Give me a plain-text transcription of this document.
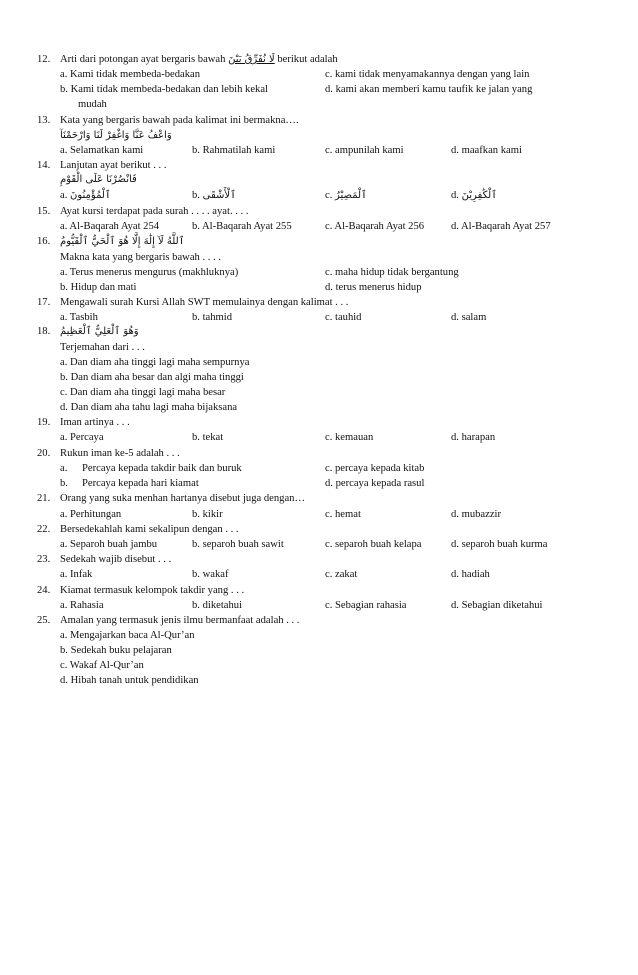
12. Arti dari potongan ayat bergaris bawah لَا نُفَرِّقُ بَيْنَ berikut adalah
a. Kami tidak membeda-bedakan	c. kami tidak menyamakannya dengan yang lain
b. Kami tidak membeda-bedakan dan lebih kekal	d. kami akan memberi kamu taufik ke jalan yang
mudah
13. Kata yang bergaris bawah pada kalimat ini bermakna….
وَاعْفُ عَنَّا وَاغْفِرْ لَنَا وَارْحَمْنَآ
a. Selamatkan kami	b. Rahmatilah kami	c. ampunilah kami	d. maafkan kami
14. Lanjutan ayat berikut . . .
فَانْصُرْنَا عَلَى الْقَوْمِ
a. ٱلْمُؤْمِنُونَ	b. ٱلْأَشْقَى	c. ٱلْمَصِيْرُ	d. ٱلْكَٰفِرِيْنَ
15. Ayat kursi terdapat pada surah . . . . ayat. . . .
a. Al-Baqarah Ayat 254	b. Al-Baqarah Ayat 255	c. Al-Baqarah Ayat 256	d. Al-Baqarah Ayat 257
16. ٱللَّهُ لَآ إِلَٰهَ إِلَّا هُوَ ٱلْحَيُّ ٱلْقَيُّومُ
Makna kata yang bergaris bawah . . . .
a. Terus menerus mengurus (makhluknya)	c. maha hidup tidak bergantung
b. Hidup dan mati	d. terus menerus hidup
17. Mengawali surah Kursi Allah SWT memulainya dengan kalimat . . .
a. Tasbih	b. tahmid	c. tauhid	d. salam
18. وَهُوَ ٱلْعَلِيُّ ٱلْعَظِيمُ
Terjemahan dari . . .
a. Dan diam aha tinggi lagi maha sempurnya
b. Dan diam aha besar dan algi maha tinggi
c. Dan diam aha tinggi lagi maha besar
d. Dan diam aha tahu lagi maha bijaksana
19. Iman artinya . . .
a. Percaya	b. tekat	c. kemauan	d. harapan
20. Rukun iman ke-5 adalah . . .
a. Percaya kepada takdir baik dan buruk	c. percaya kepada kitab
b. Percaya kepada hari kiamat	d. percaya kepada rasul
21. Orang yang suka menhan hartanya disebut juga dengan…
a. Perhitungan	b. kikir	c. hemat	d. mubazzir
22. Bersedekahlah kami sekalipun dengan . . .
a. Separoh buah jambu	b. separoh buah sawit	c. separoh buah kelapa	d. separoh buah kurma
23. Sedekah wajib disebut . . .
a. Infak	b. wakaf	c. zakat	d. hadiah
24. Kiamat termasuk kelompok takdir yang . . .
a. Rahasia	b. diketahui	c. Sebagian rahasia	d. Sebagian diketahui
25. Amalan yang termasuk jenis ilmu bermanfaat adalah . . .
a. Mengajarkan baca Al-Qur’an
b. Sedekah buku pelajaran
c. Wakaf Al-Qur’an
d. Hibah tanah untuk pendidikan
